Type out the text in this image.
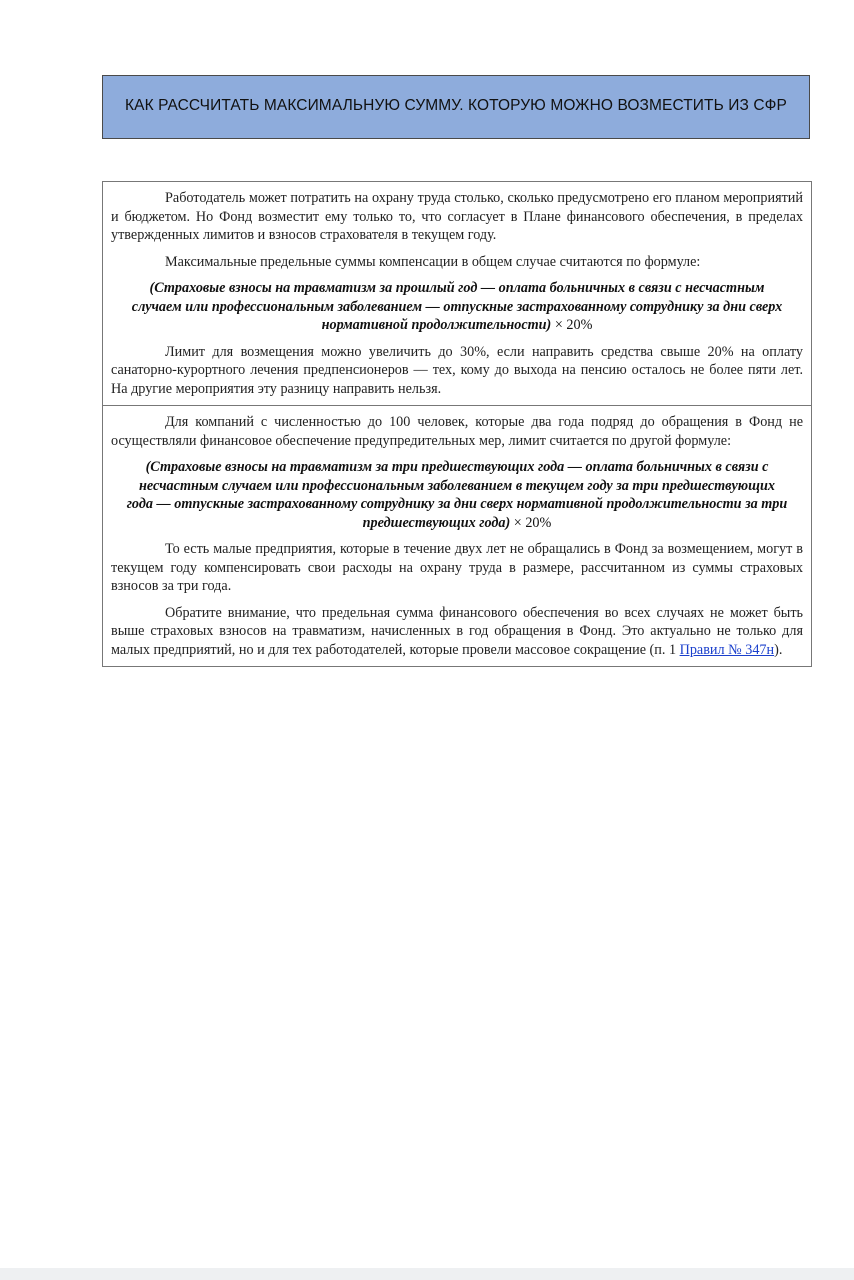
КАК РАССЧИТАТЬ МАКСИМАЛЬНУЮ СУММУ. КОТОРУЮ МОЖНО ВОЗМЕСТИТЬ ИЗ СФР

Работодатель может потратить на охрану труда столько, сколько предусмотрено его планом мероприятий и бюджетом. Но Фонд возместит ему только то, что согласует в Плане финансового обеспечения, в пределах утвержденных лимитов и взносов страхователя в текущем году.

Максимальные предельные суммы компенсации в общем случае считаются по формуле:

(Страховые взносы на травматизм за прошлый год — оплата больничных в связи с несчастным случаем или профессиональным заболеванием — отпускные застрахованному сотруднику за дни сверх нормативной продолжительности) × 20%

Лимит для возмещения можно увеличить до 30%, если направить средства свыше 20% на оплату санаторно-курортного лечения предпенсионеров — тех, кому до выхода на пенсию осталось не более пяти лет. На другие мероприятия эту разницу направить нельзя.

Для компаний с численностью до 100 человек, которые два года подряд до обращения в Фонд не осуществляли финансовое обеспечение предупредительных мер, лимит считается по другой формуле:

(Страховые взносы на травматизм за три предшествующих года — оплата больничных в связи с несчастным случаем или профессиональным заболеванием в текущем году за три предшествующих года — отпускные застрахованному сотруднику за дни сверх нормативной продолжительности за три предшествующих года) × 20%

То есть малые предприятия, которые в течение двух лет не обращались в Фонд за возмещением, могут в текущем году компенсировать свои расходы на охрану труда в размере, рассчитанном из суммы страховых взносов за три года.

Обратите внимание, что предельная сумма финансового обеспечения во всех случаях не может быть выше страховых взносов на травматизм, начисленных в год обращения в Фонд. Это актуально не только для малых предприятий, но и для тех работодателей, которые провели массовое сокращение (п. 1 Правил № 347н).
